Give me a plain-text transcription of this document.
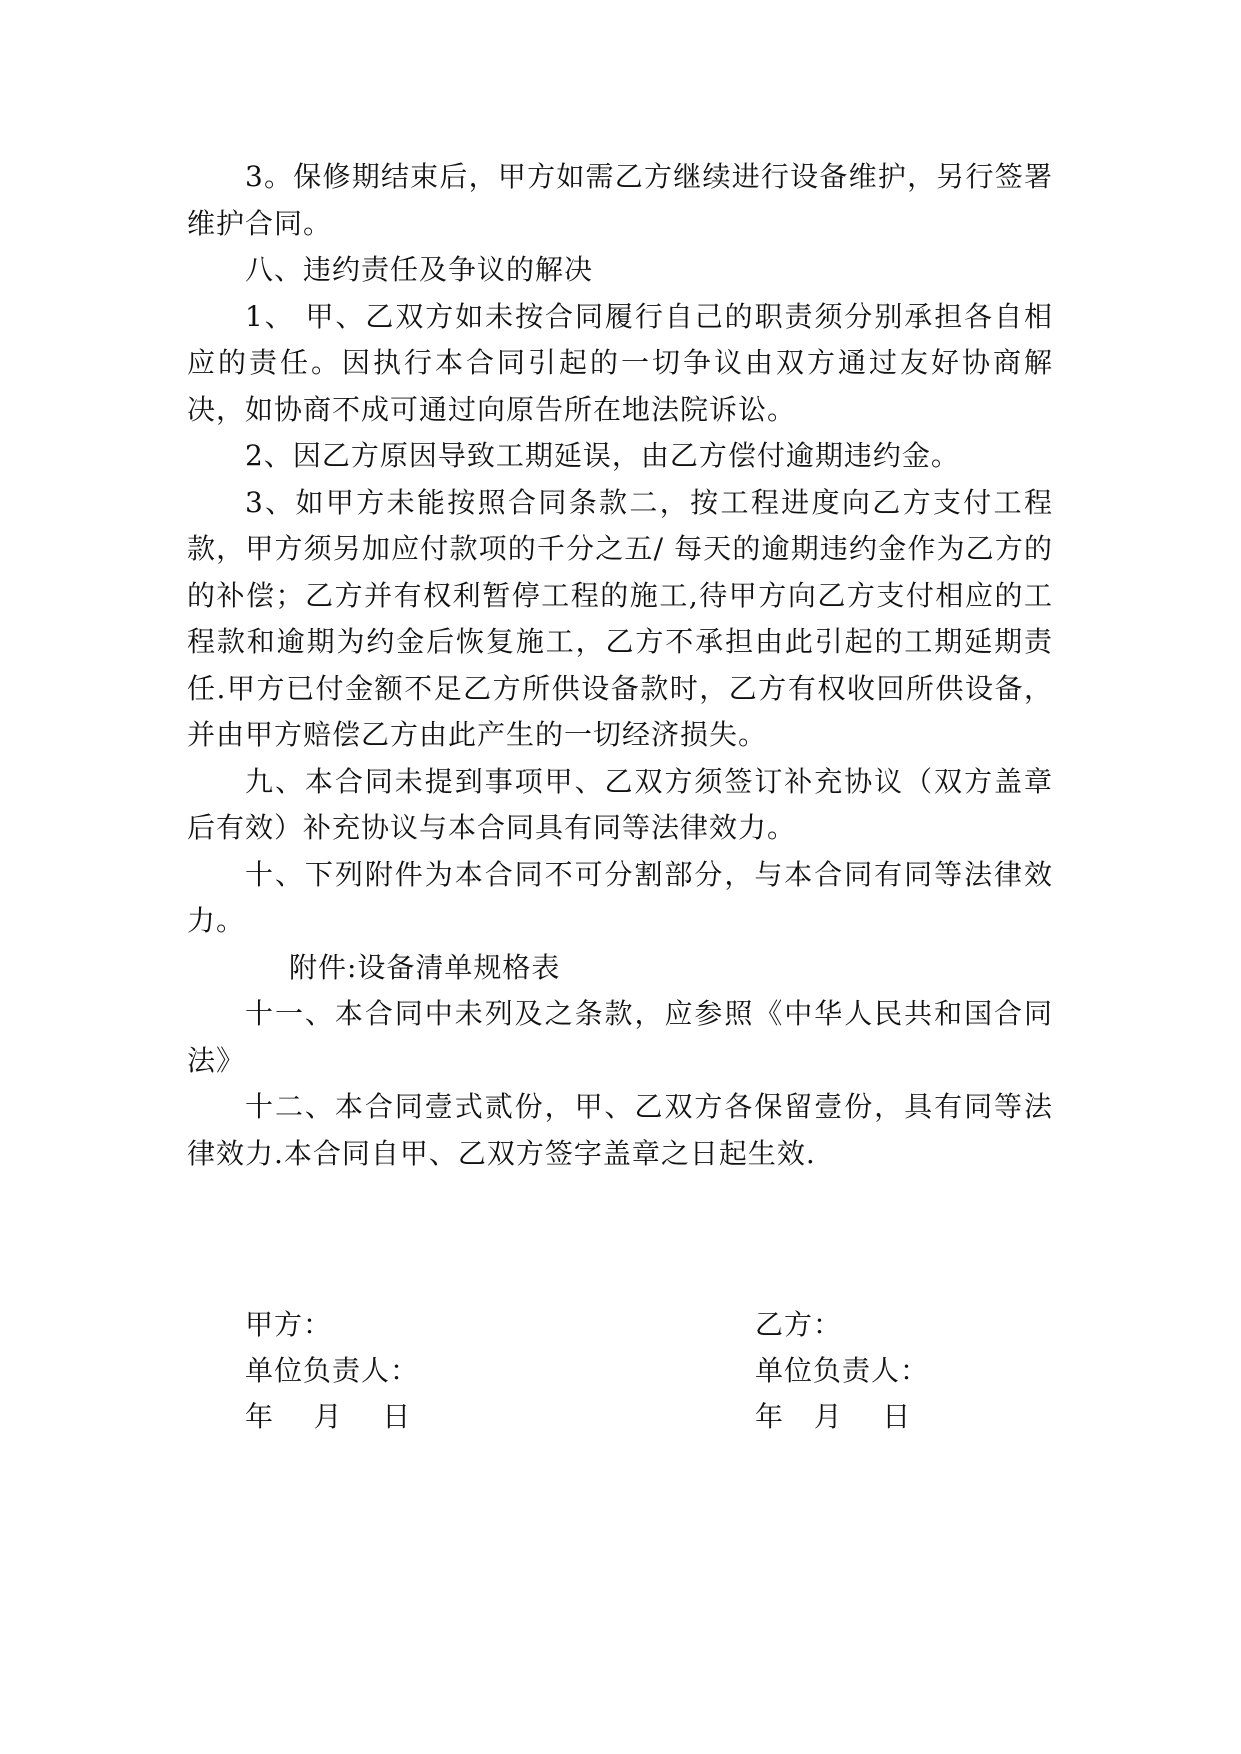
3。保修期结束后，甲方如需乙方继续进行设备维护，另行签署维护合同。

八、违约责任及争议的解决

1、 甲、乙双方如未按合同履行自己的职责须分别承担各自相应的责任。因执行本合同引起的一切争议由双方通过友好协商解决，如协商不成可通过向原告所在地法院诉讼。

2、因乙方原因导致工期延误，由乙方偿付逾期违约金。

3、如甲方未能按照合同条款二，按工程进度向乙方支付工程款，甲方须另加应付款项的千分之五/ 每天的逾期违约金作为乙方的的补偿；乙方并有权利暂停工程的施工,待甲方向乙方支付相应的工程款和逾期为约金后恢复施工，乙方不承担由此引起的工期延期责任.甲方已付金额不足乙方所供设备款时，乙方有权收回所供设备，并由甲方赔偿乙方由此产生的一切经济损失。

九、本合同未提到事项甲、乙双方须签订补充协议（双方盖章后有效）补充协议与本合同具有同等法律效力。

十、下列附件为本合同不可分割部分，与本合同有同等法律效力。

附件:设备清单规格表

十一、本合同中未列及之条款，应参照《中华人民共和国合同法》

十二、本合同壹式贰份，甲、乙双方各保留壹份，具有同等法律效力.本合同自甲、乙双方签字盖章之日起生效.

甲方：
单位负责人：
年    月    日
乙方：
单位负责人：
年   月    日
